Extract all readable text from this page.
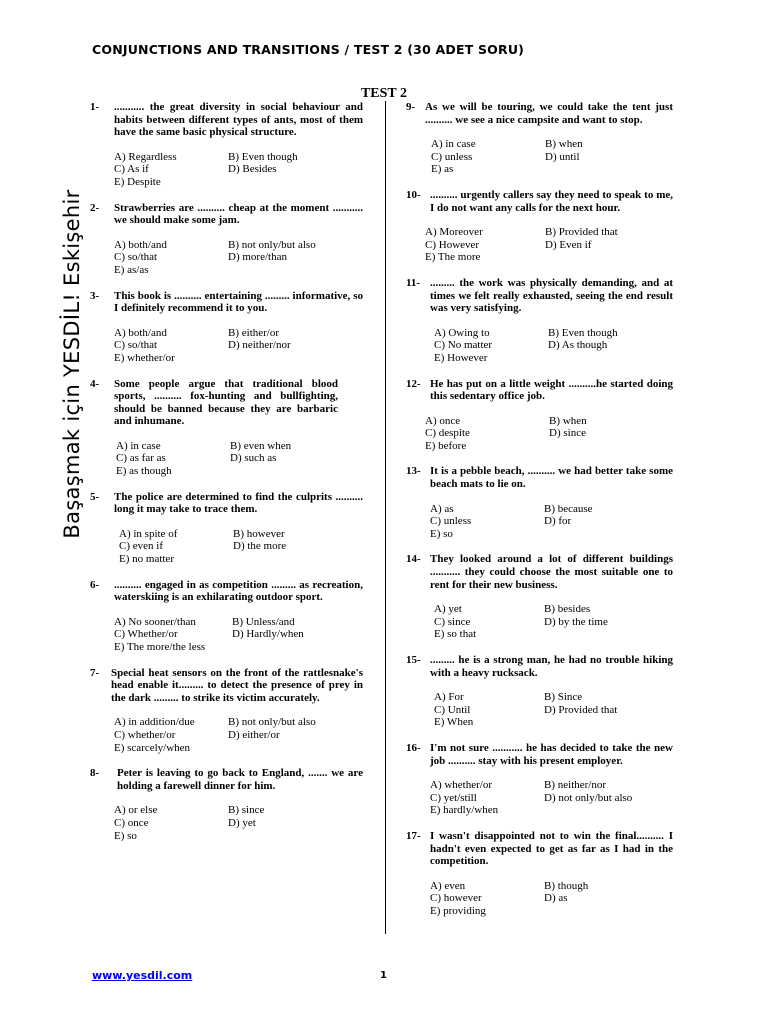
CONJUNCTIONS AND TRANSITIONS / TEST 2 (30 ADET SORU)
TEST 2
Başaşmak için YESDİL! Eskişehir
1-	........... the great diversity in social behaviour and habits between different types of ants, most of them have the same basic physical structure.
A) Regardless	B) Even though
C) As if	D) Besides
E) Despite
2-	Strawberries are .......... cheap at the moment ........... we should make some jam.
A) both/and	B) not only/but also
C) so/that	D) more/than
E) as/as
3-	This book is .......... entertaining ......... informative, so I definitely recommend it to you.
A) both/and	B) either/or
C) so/that	D) neither/nor
E) whether/or
4-	Some people argue that traditional blood sports, .......... fox-hunting and bullfighting, should be banned because they are barbaric and inhumane.
A) in case	B) even when
C) as far as	D) such as
E) as though
5-	The police are determined to find the culprits .......... long it may take to trace them.
A) in spite of	B) however
C) even if	D) the more
E) no matter
6-	.......... engaged in as competition ......... as recreation, waterskiing is an exhilarating outdoor sport.
A) No sooner/than	B) Unless/and
C) Whether/or	D) Hardly/when
E) The more/the less
7-	Special heat sensors on the front of the rattlesnake's head enable it......... to detect the presence of prey in the dark ......... to strike its victim accurately.
A) in addition/due	B) not only/but also
C) whether/or	D) either/or
E) scarcely/when
8-	Peter is leaving to go back to England, ....... we are holding a farewell dinner for him.
A) or else	B) since
C) once	D) yet
E) so
9- As we will be touring, we could take the tent just .......... we see a nice campsite and want to stop.
A) in case	B) when
C) unless	D) until
E) as
10- .......... urgently callers say they need to speak to me, I do not want any calls for the next hour.
A) Moreover	B) Provided that
C) However	D) Even if
E) The more
11- ......... the work was physically demanding, and at times we felt really exhausted, seeing the end result was very satisfying.
A) Owing to	B) Even though
C) No matter	D) As though
E) However
12- He has put on a little weight ..........he started doing this sedentary office job.
A) once	B) when
C) despite	D) since
E) before
13- It is a pebble beach, .......... we had better take some beach mats to lie on.
A) as	B) because
C) unless	D) for
E) so
14- They looked around a lot of different buildings ........... they could choose the most suitable one to rent for their new business.
A) yet	B) besides
C) since	D) by the time
E) so that
15- ......... he is a strong man, he had no trouble hiking with a heavy rucksack.
A) For	B) Since
C) Until	D) Provided that
E) When
16- I'm not sure ........... he has decided to take the new job .......... stay with his present employer.
A) whether/or	B) neither/nor
C) yet/still	D) not only/but also
E) hardly/when
17- I wasn't disappointed not to win the final.......... I hadn't even expected to get as far as I had in the competition.
A) even	B) though
C) however	D) as
E) providing
www.yesdil.com	1
